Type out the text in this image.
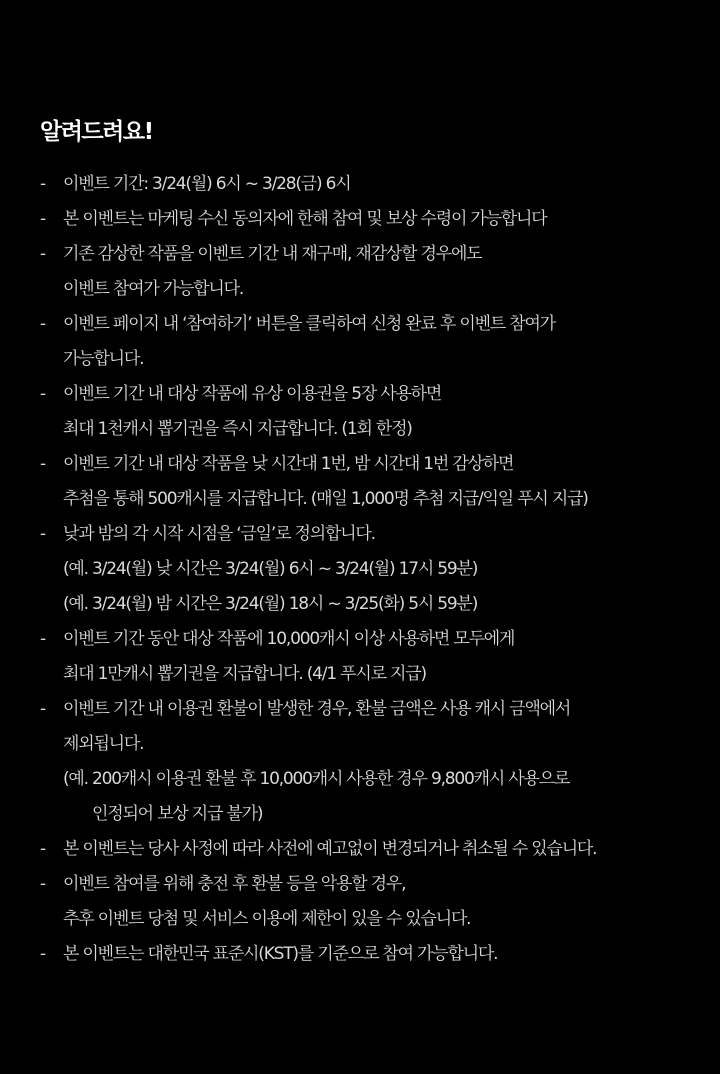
알려드려요!
- 이벤트 기간: 3/24(월) 6시 ~ 3/28(금) 6시
- 본 이벤트는 마케팅 수신 동의자에 한해 참여 및 보상 수령이 가능합니다
- 기존 감상한 작품을 이벤트 기간 내 재구매, 재감상할 경우에도
이벤트 참여가 가능합니다.
- 이벤트 페이지 내 ‘참여하기’ 버튼을 클릭하여 신청 완료 후 이벤트 참여가
가능합니다.
- 이벤트 기간 내 대상 작품에 유상 이용권을 5장 사용하면
최대 1천캐시 뽑기권을 즉시 지급합니다. (1회 한정)
- 이벤트 기간 내 대상 작품을 낮 시간대 1번, 밤 시간대 1번 감상하면
추첨을 통해 500캐시를 지급합니다. (매일 1,000명 추첨 지급/익일 푸시 지급)
- 낮과 밤의 각 시작 시점을 ‘금일’로 정의합니다.
(예. 3/24(월) 낮 시간은 3/24(월) 6시 ~ 3/24(월) 17시 59분)
(예. 3/24(월) 밤 시간은 3/24(월) 18시 ~ 3/25(화) 5시 59분)
- 이벤트 기간 동안 대상 작품에 10,000캐시 이상 사용하면 모두에게
최대 1만캐시 뽑기권을 지급합니다. (4/1 푸시로 지급)
- 이벤트 기간 내 이용권 환불이 발생한 경우, 환불 금액은 사용 캐시 금액에서
제외됩니다.
(예. 200캐시 이용권 환불 후 10,000캐시 사용한 경우 9,800캐시 사용으로
인정되어 보상 지급 불가)
- 본 이벤트는 당사 사정에 따라 사전에 예고없이 변경되거나 취소될 수 있습니다.
- 이벤트 참여를 위해 충전 후 환불 등을 악용할 경우,
추후 이벤트 당첨 및 서비스 이용에 제한이 있을 수 있습니다.
- 본 이벤트는 대한민국 표준시(KST)를 기준으로 참여 가능합니다.
